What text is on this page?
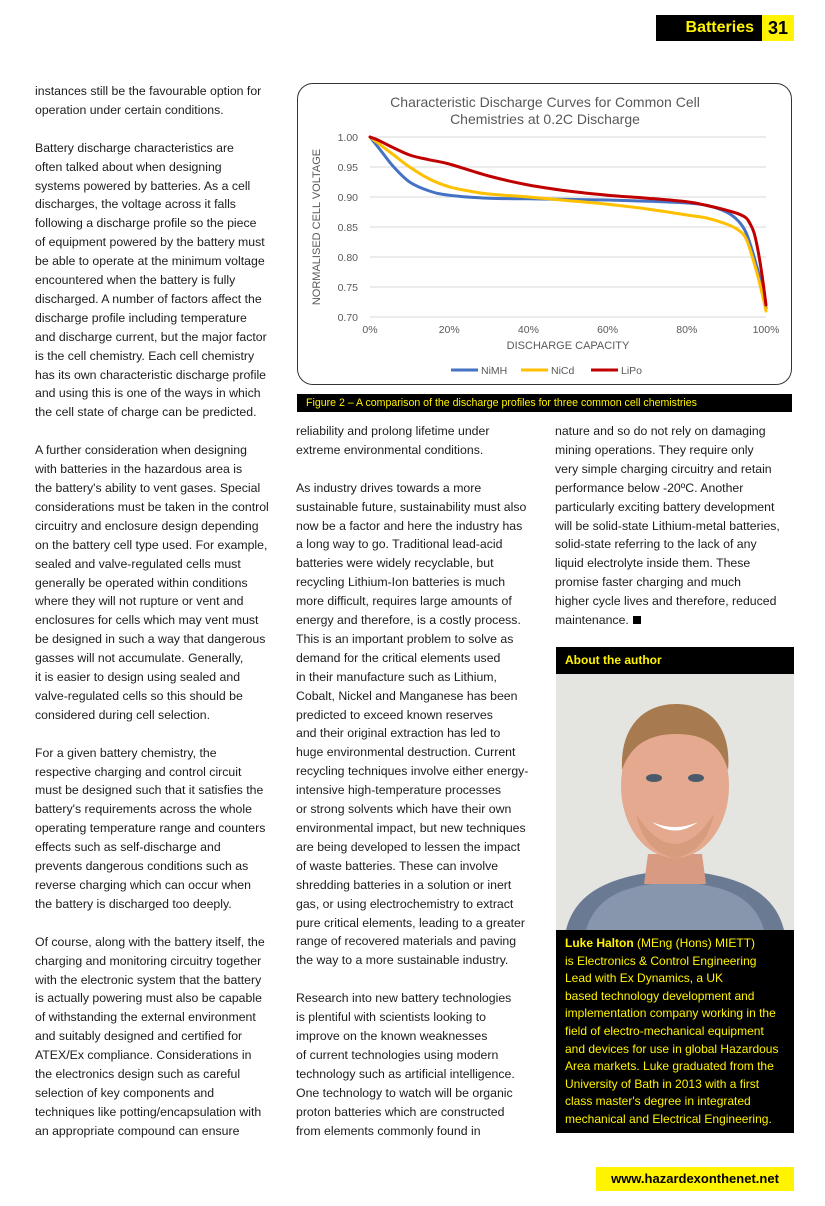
Batteries 31

instances still be the favourable option for
operation under certain conditions.

Battery discharge characteristics are
often talked about when designing
systems powered by batteries. As a cell
discharges, the voltage across it falls
following a discharge profile so the piece
of equipment powered by the battery must
be able to operate at the minimum voltage
encountered when the battery is fully
discharged. A number of factors affect the
discharge profile including temperature
and discharge current, but the major factor
is the cell chemistry. Each cell chemistry
has its own characteristic discharge profile
and using this is one of the ways in which
the cell state of charge can be predicted.

A further consideration when designing
with batteries in the hazardous area is
the battery's ability to vent gases. Special
considerations must be taken in the control
circuitry and enclosure design depending
on the battery cell type used. For example,
sealed and valve-regulated cells must
generally be operated within conditions
where they will not rupture or vent and
enclosures for cells which may vent must
be designed in such a way that dangerous
gasses will not accumulate. Generally,
it is easier to design using sealed and
valve-regulated cells so this should be
considered during cell selection.

For a given battery chemistry, the
respective charging and control circuit
must be designed such that it satisfies the
battery's requirements across the whole
operating temperature range and counters
effects such as self-discharge and
prevents dangerous conditions such as
reverse charging which can occur when
the battery is discharged too deeply.

Of course, along with the battery itself, the
charging and monitoring circuitry together
with the electronic system that the battery
is actually powering must also be capable
of withstanding the external environment
and suitably designed and certified for
ATEX/Ex compliance. Considerations in
the electronics design such as careful
selection of key components and
techniques like potting/encapsulation with
an appropriate compound can ensure

Characteristic Discharge Curves for Common Cell
Chemistries at 0.2C Discharge
1.00
0.95
0.90
0.85
0.80
0.75
0.70
0%	20%	40%	60%	80%	100%
DISCHARGE CAPACITY
NORMALISED CELL VOLTAGE
NiMH	NiCd	LiPo
Figure 2 – A comparison of the discharge profiles for three common cell chemistries

reliability and prolong lifetime under
extreme environmental conditions.

As industry drives towards a more
sustainable future, sustainability must also
now be a factor and here the industry has
a long way to go. Traditional lead-acid
batteries were widely recyclable, but
recycling Lithium-Ion batteries is much
more difficult, requires large amounts of
energy and therefore, is a costly process.
This is an important problem to solve as
demand for the critical elements used
in their manufacture such as Lithium,
Cobalt, Nickel and Manganese has been
predicted to exceed known reserves
and their original extraction has led to
huge environmental destruction. Current
recycling techniques involve either energy-
intensive high-temperature processes
or strong solvents which have their own
environmental impact, but new techniques
are being developed to lessen the impact
of waste batteries. These can involve
shredding batteries in a solution or inert
gas, or using electrochemistry to extract
pure critical elements, leading to a greater
range of recovered materials and paving
the way to a more sustainable industry.

Research into new battery technologies
is plentiful with scientists looking to
improve on the known weaknesses
of current technologies using modern
technology such as artificial intelligence.
One technology to watch will be organic
proton batteries which are constructed
from elements commonly found in

nature and so do not rely on damaging
mining operations. They require only
very simple charging circuitry and retain
performance below -20ºC. Another
particularly exciting battery development
will be solid-state Lithium-metal batteries,
solid-state referring to the lack of any
liquid electrolyte inside them. These
promise faster charging and much
higher cycle lives and therefore, reduced
maintenance.

About the author
Luke Halton (MEng (Hons) MIETT)
is Electronics & Control Engineering
Lead with Ex Dynamics, a UK
based technology development and
implementation company working in the
field of electro-mechanical equipment
and devices for use in global Hazardous
Area markets. Luke graduated from the
University of Bath in 2013 with a first
class master's degree in integrated
mechanical and Electrical Engineering.
www.hazardexonthenet.net
